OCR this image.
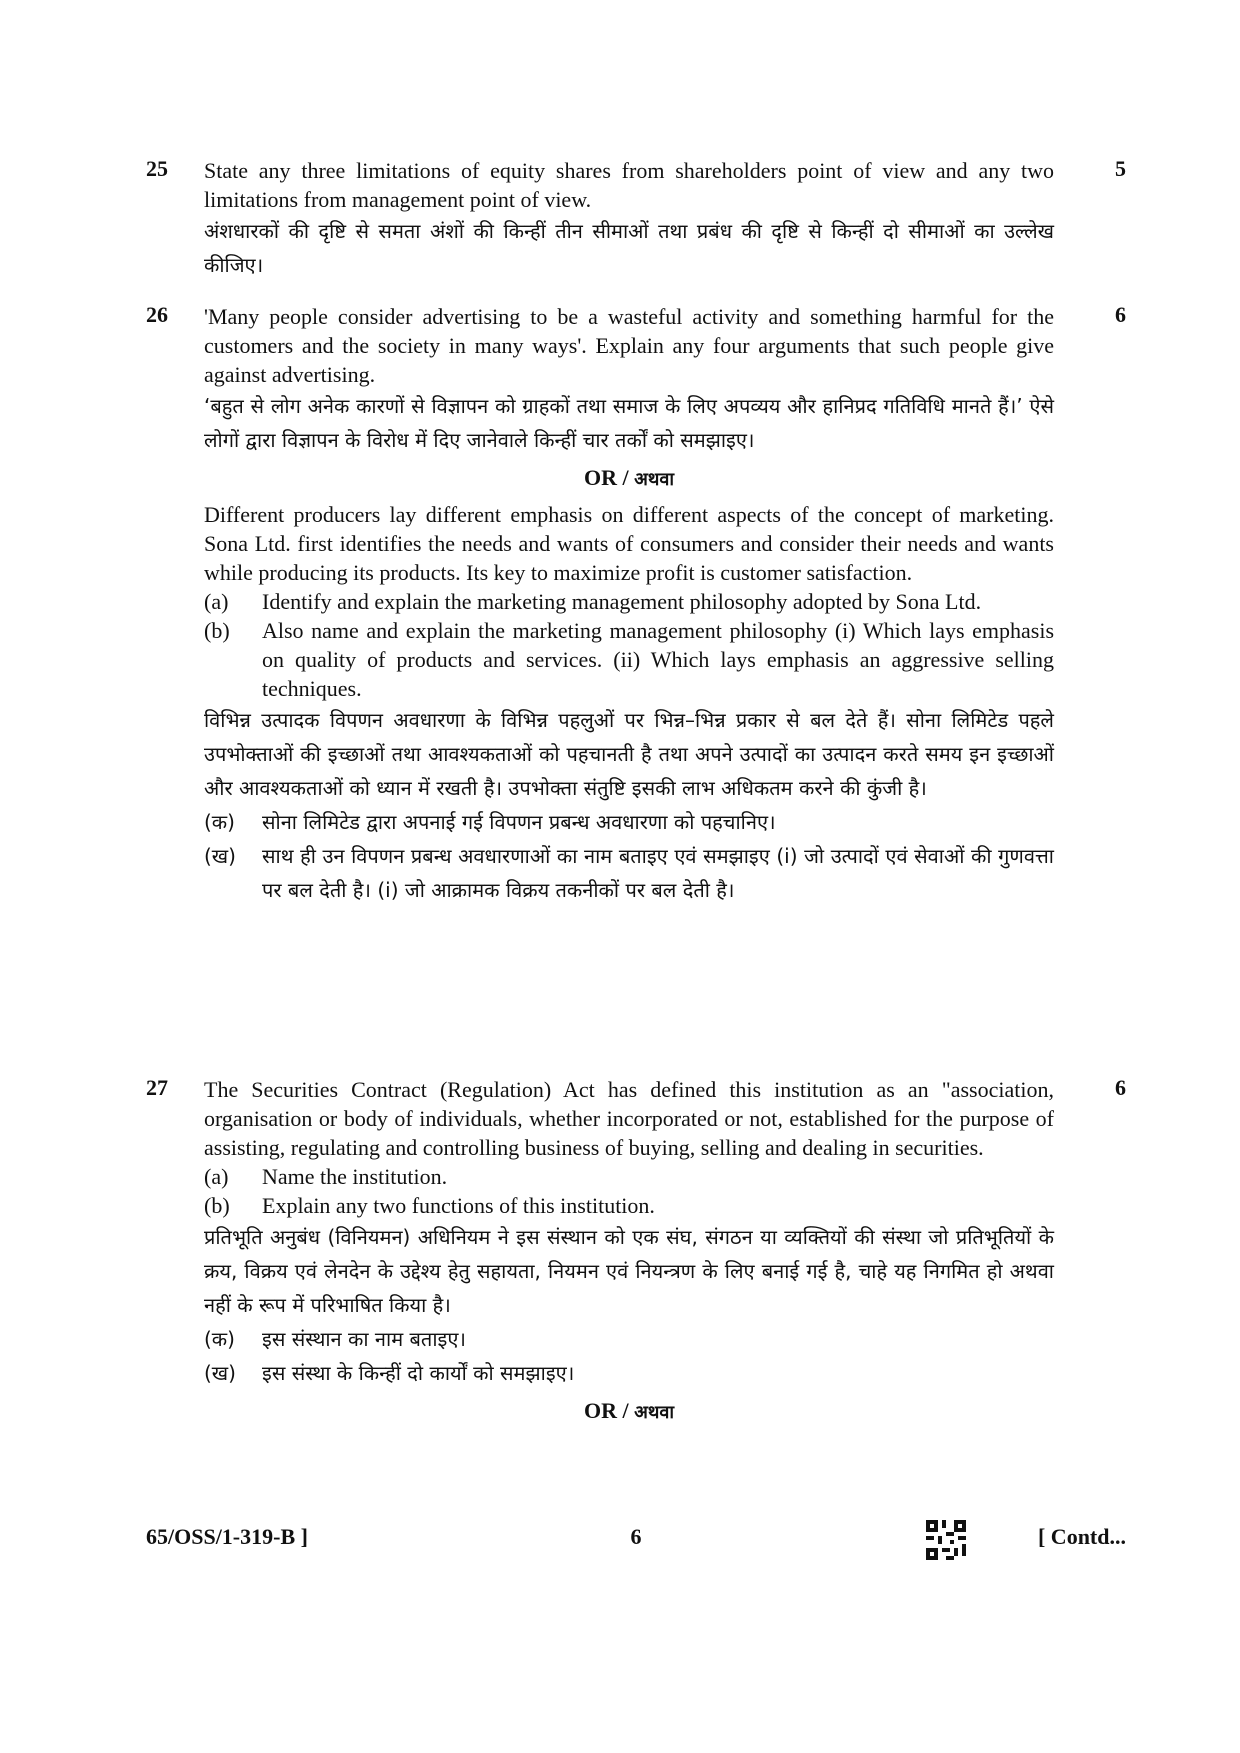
25	5
State any three limitations of equity shares from shareholders point of view and any two limitations from management point of view.
अंशधारकों की दृष्टि से समता अंशों की किन्हीं तीन सीमाओं तथा प्रबंध की दृष्टि से किन्हीं दो सीमाओं का उल्लेख कीजिए।
26	6
'Many people consider advertising to be a wasteful activity and something harmful for the customers and the society in many ways'. Explain any four arguments that such people give against advertising.
‘बहुत से लोग अनेक कारणों से विज्ञापन को ग्राहकों तथा समाज के लिए अपव्यय और हानिप्रद गतिविधि मानते हैं।’ ऐसे लोगों द्वारा विज्ञापन के विरोध में दिए जानेवाले किन्हीं चार तर्कों को समझाइए।
OR / अथवा
Different producers lay different emphasis on different aspects of the concept of marketing. Sona Ltd. first identifies the needs and wants of consumers and consider their needs and wants while producing its products. Its key to maximize profit is customer satisfaction.
(a)	Identify and explain the marketing management philosophy adopted by Sona Ltd.
(b)	Also name and explain the marketing management philosophy (i) Which lays emphasis on quality of products and services. (ii) Which lays emphasis an aggressive selling techniques.
विभिन्न उत्पादक विपणन अवधारणा के विभिन्न पहलुओं पर भिन्न–भिन्न प्रकार से बल देते हैं। सोना लिमिटेड पहले उपभोक्ताओं की इच्छाओं तथा आवश्यकताओं को पहचानती है तथा अपने उत्पादों का उत्पादन करते समय इन इच्छाओं और आवश्यकताओं को ध्यान में रखती है। उपभोक्ता संतुष्टि इसकी लाभ अधिकतम करने की कुंजी है।
(क)	सोना लिमिटेड द्वारा अपनाई गई विपणन प्रबन्ध अवधारणा को पहचानिए।
(ख)	साथ ही उन विपणन प्रबन्ध अवधारणाओं का नाम बताइए एवं समझाइए (i) जो उत्पादों एवं सेवाओं की गुणवत्ता पर बल देती है। (i) जो आक्रामक विक्रय तकनीकों पर बल देती है।
27	6
The Securities Contract (Regulation) Act has defined this institution as an "association, organisation or body of individuals, whether incorporated or not, established for the purpose of assisting, regulating and controlling business of buying, selling and dealing in securities.
(a)	Name the institution.
(b)	Explain any two functions of this institution.
प्रतिभूति अनुबंध (विनियमन) अधिनियम ने इस संस्थान को एक संघ, संगठन या व्यक्तियों की संस्था जो प्रतिभूतियों के क्रय, विक्रय एवं लेनदेन के उद्देश्य हेतु सहायता, नियमन एवं नियन्त्रण के लिए बनाई गई है, चाहे यह निगमित हो अथवा नहीं के रूप में परिभाषित किया है।
(क)	इस संस्थान का नाम बताइए।
(ख)	इस संस्था के किन्हीं दो कार्यों को समझाइए।
OR / अथवा
65/OSS/1-319-B ]	6	[ Contd...
